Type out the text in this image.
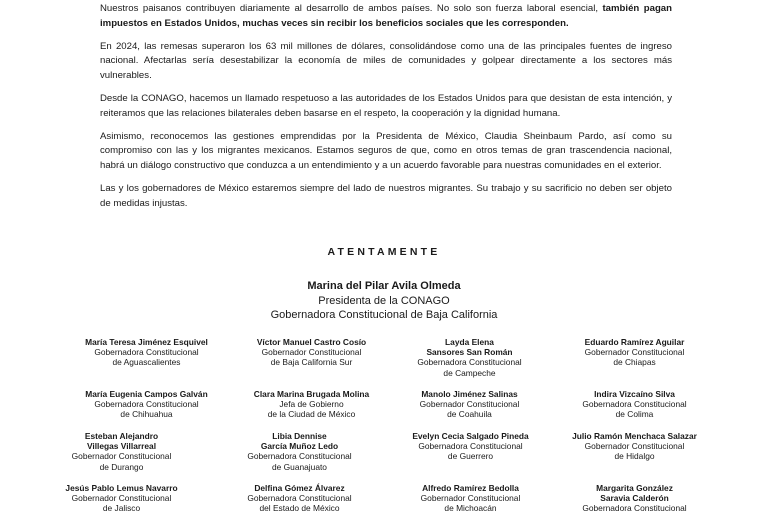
Nuestros paisanos contribuyen diariamente al desarrollo de ambos países. No solo son fuerza laboral esencial, también pagan impuestos en Estados Unidos, muchas veces sin recibir los beneficios sociales que les corresponden.

En 2024, las remesas superaron los 63 mil millones de dólares, consolidándose como una de las principales fuentes de ingreso nacional. Afectarlas sería desestabilizar la economía de miles de comunidades y golpear directamente a los sectores más vulnerables.

Desde la CONAGO, hacemos un llamado respetuoso a las autoridades de los Estados Unidos para que desistan de esta intención, y reiteramos que las relaciones bilaterales deben basarse en el respeto, la cooperación y la dignidad humana.

Asimismo, reconocemos las gestiones emprendidas por la Presidenta de México, Claudia Sheinbaum Pardo, así como su compromiso con las y los migrantes mexicanos. Estamos seguros de que, como en otros temas de gran trascendencia nacional, habrá un diálogo constructivo que conduzca a un entendimiento y a un acuerdo favorable para nuestras comunidades en el exterior.

Las y los gobernadores de México estaremos siempre del lado de nuestros migrantes. Su trabajo y su sacrificio no deben ser objeto de medidas injustas.

ATENTAMENTE
Marina del Pilar Avila Olmeda
Presidenta de la CONAGO
Gobernadora Constitucional de Baja California
María Teresa Jiménez Esquivel
Gobernadora Constitucional
de Aguascalientes
Víctor Manuel Castro Cosío
Gobernador Constitucional
de Baja California Sur
Layda Elena
Sansores San Román
Gobernadora Constitucional
de Campeche
Eduardo Ramírez Aguilar
Gobernador Constitucional
de Chiapas
María Eugenia Campos Galván
Gobernadora Constitucional
de Chihuahua
Clara Marina Brugada Molina
Jefa de Gobierno
de la Ciudad de México
Manolo Jiménez Salinas
Gobernador Constitucional
de Coahuila
Indira Vizcaíno Silva
Gobernadora Constitucional
de Colima
Esteban Alejandro
Villegas Villarreal
Gobernador Constitucional
de Durango
Libia Dennise
García Muñoz Ledo
Gobernadora Constitucional
de Guanajuato
Evelyn Cecia Salgado Pineda
Gobernadora Constitucional
de Guerrero
Julio Ramón Menchaca Salazar
Gobernador Constitucional
de Hidalgo
Jesús Pablo Lemus Navarro
Gobernador Constitucional
de Jalisco
Delfina Gómez Álvarez
Gobernadora Constitucional
del Estado de México
Alfredo Ramírez Bedolla
Gobernador Constitucional
de Michoacán
Margarita González
Saravia Calderón
Gobernadora Constitucional
